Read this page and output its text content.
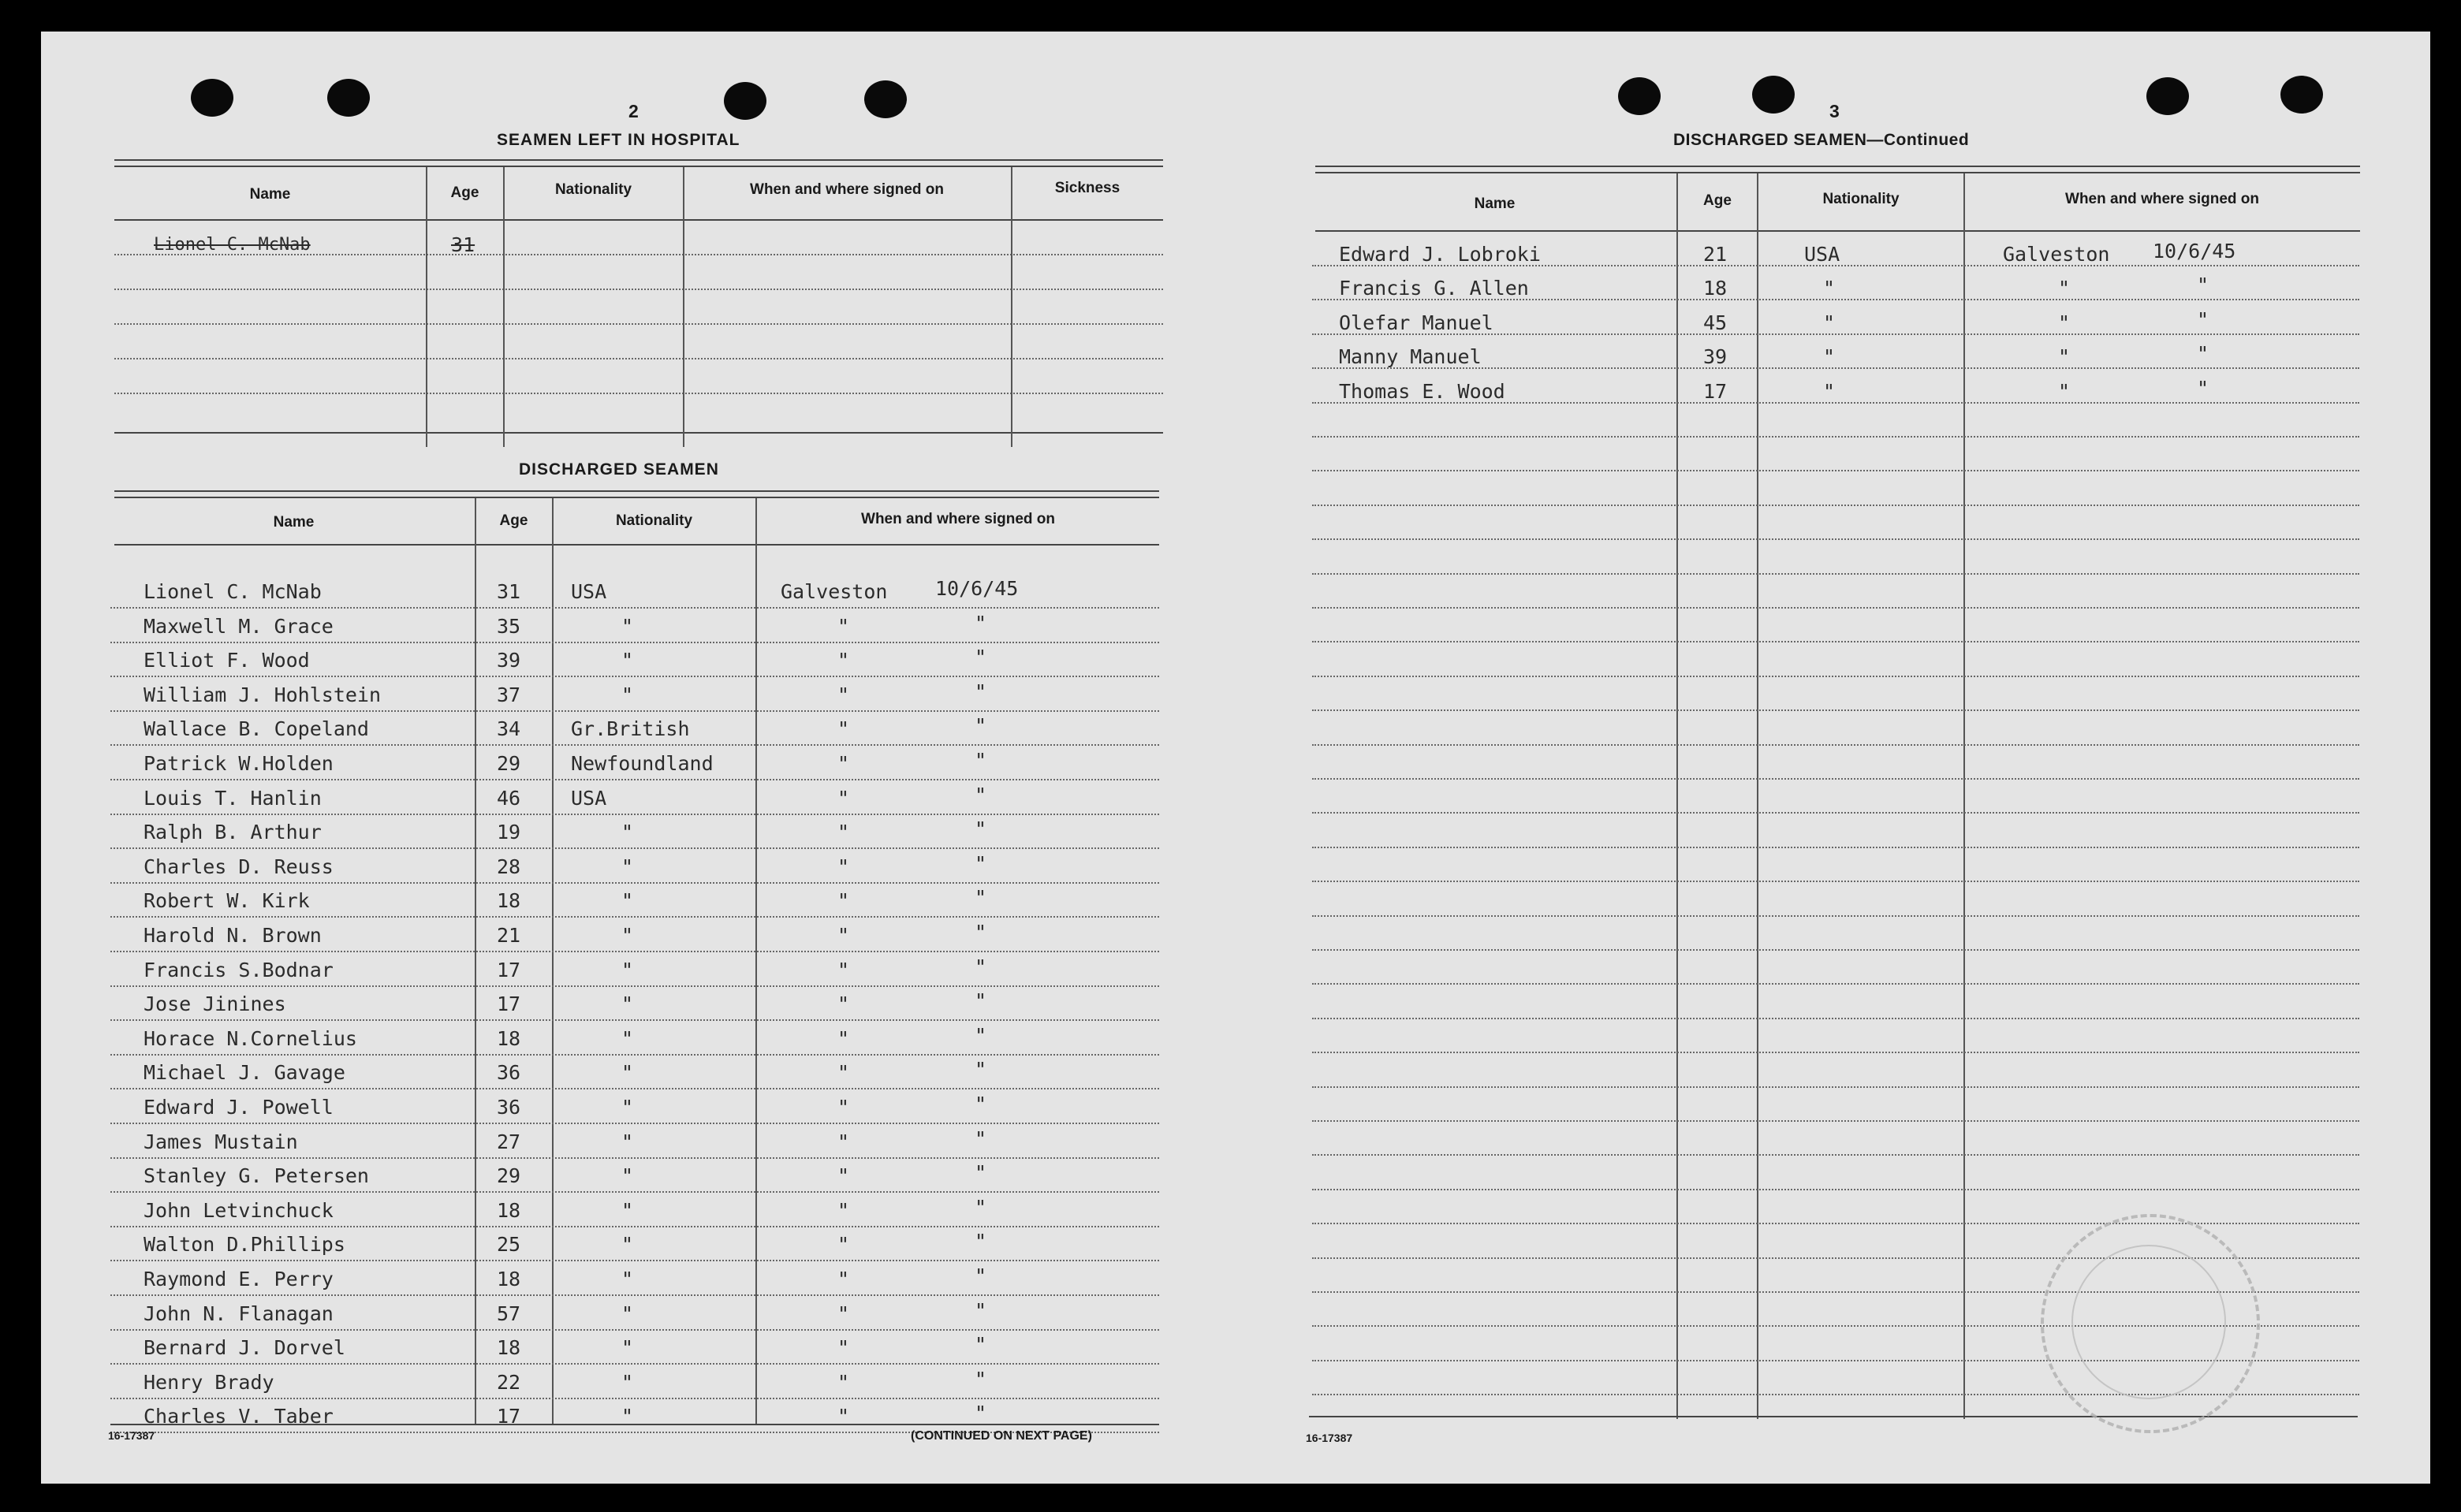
2
SEAMEN LEFT IN HOSPITAL
Name	Age	Nationality	When and where signed on	Sickness
Lionel C. McNab	31
DISCHARGED SEAMEN
Name	Age	Nationality	When and where signed on
Lionel C. McNab	31	USA	Galveston 10/6/45
Maxwell M. Grace	35	"	"	"
Elliot F. Wood	39	"	"	"
William J. Hohlstein	37	"	"	"
Wallace B. Copeland	34	Gr.British	"	"
Patrick W.Holden	29	Newfoundland	"	"
Louis T. Hanlin	46	USA	"	"
Ralph B. Arthur	19	"	"	"
Charles D. Reuss	28	"	"	"
Robert W. Kirk	18	"	"	"
Harold N. Brown	21	"	"	"
Francis S.Bodnar	17	"	"	"
Jose Jinines	17	"	"	"
Horace N.Cornelius	18	"	"	"
Michael J. Gavage	36	"	"	"
Edward J. Powell	36	"	"	"
James Mustain	27	"	"	"
Stanley G. Petersen	29	"	"	"
John Letvinchuck	18	"	"	"
Walton D.Phillips	25	"	"	"
Raymond E. Perry	18	"	"	"
John N. Flanagan	57	"	"	"
Bernard J. Dorvel	18	"	"	"
Henry Brady	22	"	"	"
Charles V. Taber	17	"	"	"
16-17387	(CONTINUED ON NEXT PAGE)
3
DISCHARGED SEAMEN—Continued
Name	Age	Nationality	When and where signed on
Edward J. Lobroki	21	USA	Galveston 10/6/45
Francis G. Allen	18	"	"	"
Olefar Manuel	45	"	"	"
Manny Manuel	39	"	"	"
Thomas E. Wood	17	"	"	"
16-17387
